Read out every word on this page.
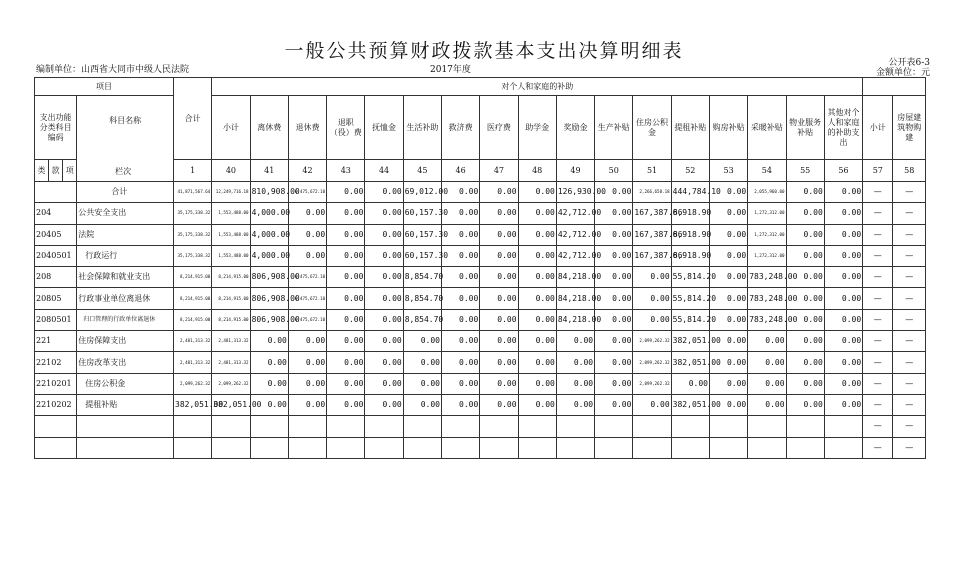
一般公共预算财政拨款基本支出决算明细表
编制单位：山西省大同市中级人民法院	2017年度
公开表6-3
金额单位：元
项目				合计	对个人和家庭的补助																		
支出功能分类科目编码			科目名称		小计	离休费	退休费	退职（役）费	抚恤金	生活补助	救济费	医疗费	助学金	奖励金	生产补贴	住房公积金	提租补贴	购房补贴	采暖补贴	物业服务补贴	其他对个人和家庭的补助支出	小计	房屋建筑物购建
类	款	项		1	40	41	42	43	44	45	46	47	48	49	50	51	52	53	54	55	56	57	58
			合计	41,871,567.64	12,249,716.18	810,908.00	6,475,672.10	0.00	0.00	69,012.00	0.00	0.00	0.00	126,930.00	0.00	2,266,650.18	444,784.10	0.00	2,055,960.00	0.00	0.00	—	—
204			公共安全支出	35,175,338.32	1,553,488.00	4,000.00	0.00	0.00	0.00	60,157.30	0.00	0.00	0.00	42,712.00	0.00	167,387.86	6,918.90	0.00	1,272,312.00	0.00	0.00	—	—
20405			法院	35,175,338.32	1,553,488.00	4,000.00	0.00	0.00	0.00	60,157.30	0.00	0.00	0.00	42,712.00	0.00	167,387.86	6,918.90	0.00	1,272,312.00	0.00	0.00	—	—
2040501			行政运行	35,175,338.32	1,553,488.00	4,000.00	0.00	0.00	0.00	60,157.30	0.00	0.00	0.00	42,712.00	0.00	167,387.86	6,918.90	0.00	1,272,312.00	0.00	0.00	—	—
208			社会保障和就业支出	8,214,915.00	8,214,915.00	806,908.00	6,475,672.10	0.00	0.00	8,854.70	0.00	0.00	0.00	84,218.00	0.00	0.00	55,814.20	0.00	783,248.00	0.00	0.00	—	—
20805			行政事业单位离退休	8,214,915.00	8,214,915.00	806,908.00	6,475,672.10	0.00	0.00	8,854.70	0.00	0.00	0.00	84,218.00	0.00	0.00	55,814.20	0.00	783,248.00	0.00	0.00	—	—
2080501			归口管理的行政单位离退休	8,214,915.00	8,214,915.00	806,908.00	6,475,672.10	0.00	0.00	8,854.70	0.00	0.00	0.00	84,218.00	0.00	0.00	55,814.20	0.00	783,248.00	0.00	0.00	—	—
221			住房保障支出	2,481,313.32	2,481,313.32	0.00	0.00	0.00	0.00	0.00	0.00	0.00	0.00	0.00	0.00	2,099,262.32	382,051.00	0.00	0.00	0.00	0.00	—	—
22102			住房改革支出	2,481,313.32	2,481,313.32	0.00	0.00	0.00	0.00	0.00	0.00	0.00	0.00	0.00	0.00	2,099,262.32	382,051.00	0.00	0.00	0.00	0.00	—	—
2210201			住房公积金	2,099,262.32	2,099,262.32	0.00	0.00	0.00	0.00	0.00	0.00	0.00	0.00	0.00	0.00	2,099,262.32	0.00	0.00	0.00	0.00	0.00	—	—
2210202			提租补贴	382,051.00	382,051.00	0.00	0.00	0.00	0.00	0.00	0.00	0.00	0.00	0.00	0.00	0.00	382,051.00	0.00	0.00	0.00	0.00	—	—
																						—	—
																						—	—
栏次
